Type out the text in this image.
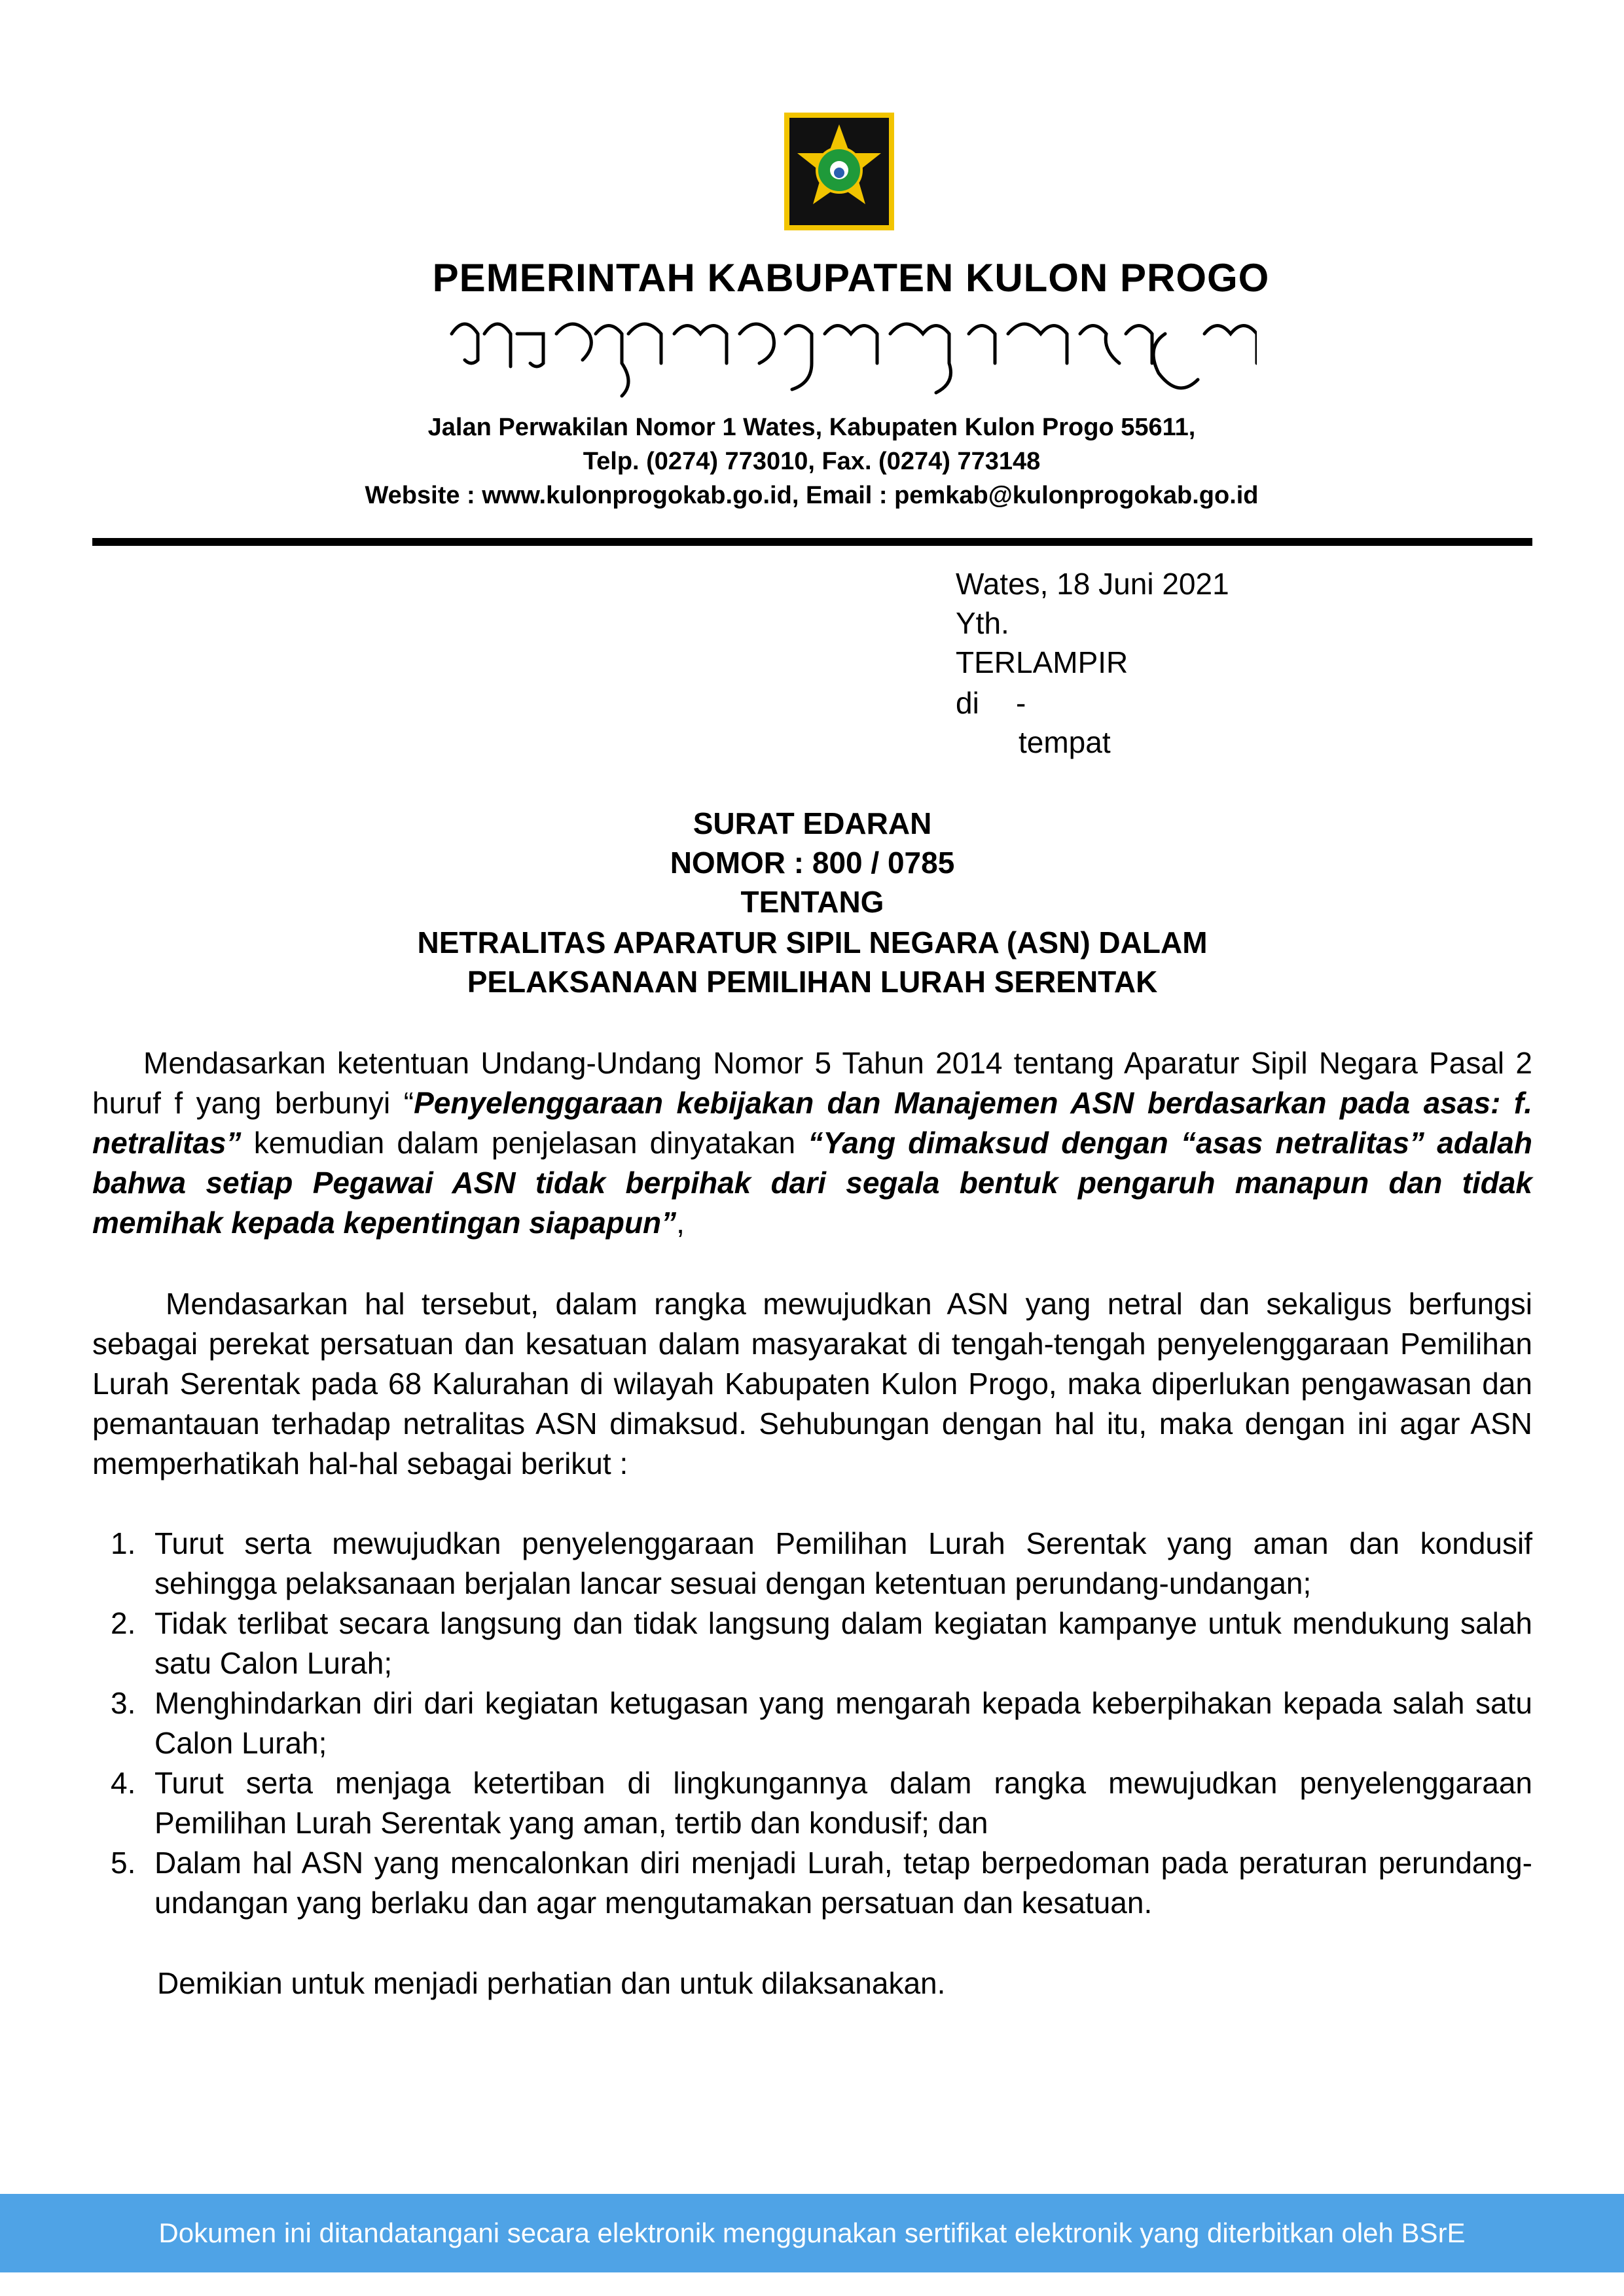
PEMERINTAH KABUPATEN KULON PROGO
Jalan Perwakilan Nomor 1 Wates, Kabupaten Kulon Progo 55611,
Telp. (0274) 773010, Fax. (0274) 773148
Website : www.kulonprogokab.go.id, Email : pemkab@kulonprogokab.go.id
Wates, 18 Juni 2021
Yth.
TERLAMPIR
di -
tempat
SURAT EDARAN
NOMOR : 800 / 0785
TENTANG
NETRALITAS APARATUR SIPIL NEGARA (ASN) DALAM
PELAKSANAAN PEMILIHAN LURAH SERENTAK
Mendasarkan ketentuan Undang-Undang Nomor 5 Tahun 2014 tentang Aparatur Sipil Negara Pasal 2 huruf f yang berbunyi “Penyelenggaraan kebijakan dan Manajemen ASN berdasarkan pada asas: f. netralitas” kemudian dalam penjelasan dinyatakan “Yang dimaksud dengan “asas netralitas” adalah bahwa setiap Pegawai ASN tidak berpihak dari segala bentuk pengaruh manapun dan tidak memihak kepada kepentingan siapapun”,
Mendasarkan hal tersebut, dalam rangka mewujudkan ASN yang netral dan sekaligus berfungsi sebagai perekat persatuan dan kesatuan dalam masyarakat di tengah-tengah penyelenggaraan Pemilihan Lurah Serentak pada 68 Kalurahan di wilayah Kabupaten Kulon Progo, maka diperlukan pengawasan dan pemantauan terhadap netralitas ASN dimaksud. Sehubungan dengan hal itu, maka dengan ini agar ASN memperhatikah hal-hal sebagai berikut :
1. Turut serta mewujudkan penyelenggaraan Pemilihan Lurah Serentak yang aman dan kondusif sehingga pelaksanaan berjalan lancar sesuai dengan ketentuan perundang-undangan;
2. Tidak terlibat secara langsung dan tidak langsung dalam kegiatan kampanye untuk mendukung salah satu Calon Lurah;
3. Menghindarkan diri dari kegiatan ketugasan yang mengarah kepada keberpihakan kepada salah satu Calon Lurah;
4. Turut serta menjaga ketertiban di lingkungannya dalam rangka mewujudkan penyelenggaraan Pemilihan Lurah Serentak yang aman, tertib dan kondusif; dan
5. Dalam hal ASN yang mencalonkan diri menjadi Lurah, tetap berpedoman pada peraturan perundang-undangan yang berlaku dan agar mengutamakan persatuan dan kesatuan.
Demikian untuk menjadi perhatian dan untuk dilaksanakan.
Dokumen ini ditandatangani secara elektronik menggunakan sertifikat elektronik yang diterbitkan oleh BSrE
